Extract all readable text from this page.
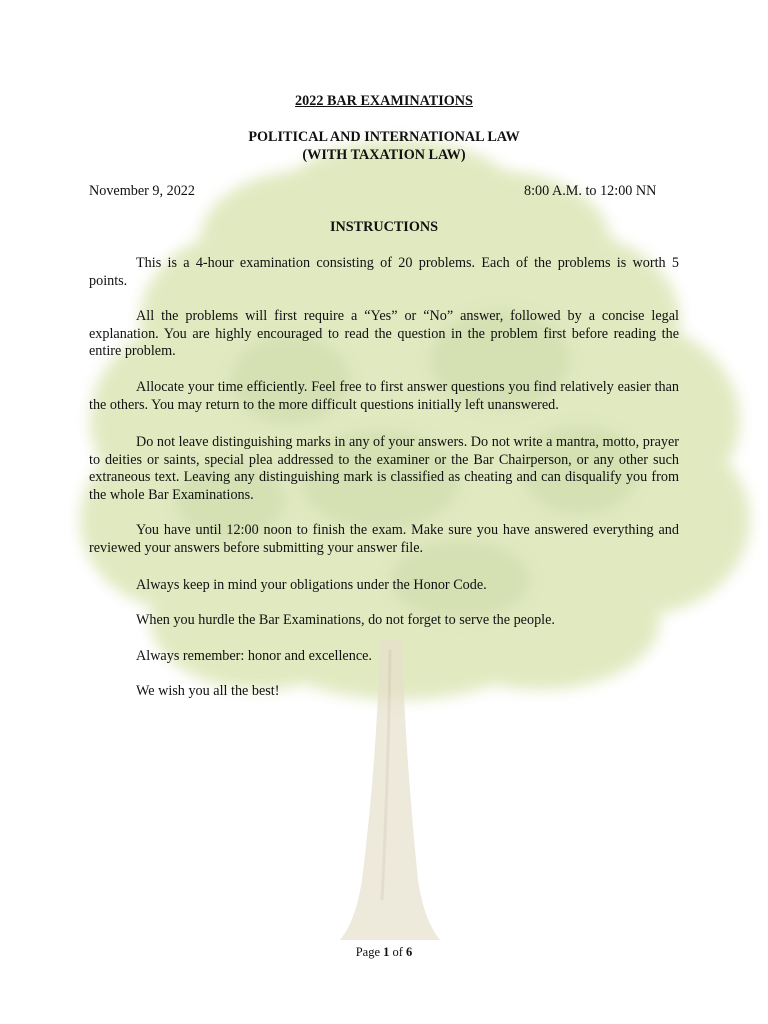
2022 BAR EXAMINATIONS
POLITICAL AND INTERNATIONAL LAW
(WITH TAXATION LAW)
November 9, 2022	8:00 A.M. to 12:00 NN
INSTRUCTIONS

This is a 4-hour examination consisting of 20 problems. Each of the problems is worth 5 points.

All the problems will first require a “Yes” or “No” answer, followed by a concise legal explanation. You are highly encouraged to read the question in the problem first before reading the entire problem.

Allocate your time efficiently. Feel free to first answer questions you find relatively easier than the others. You may return to the more difficult questions initially left unanswered.

Do not leave distinguishing marks in any of your answers. Do not write a mantra, motto, prayer to deities or saints, special plea addressed to the examiner or the Bar Chairperson, or any other such extraneous text. Leaving any distinguishing mark is classified as cheating and can disqualify you from the whole Bar Examinations.

You have until 12:00 noon to finish the exam. Make sure you have answered everything and reviewed your answers before submitting your answer file.

Always keep in mind your obligations under the Honor Code.

When you hurdle the Bar Examinations, do not forget to serve the people.

Always remember: honor and excellence.

We wish you all the best!

Page 1 of 6
